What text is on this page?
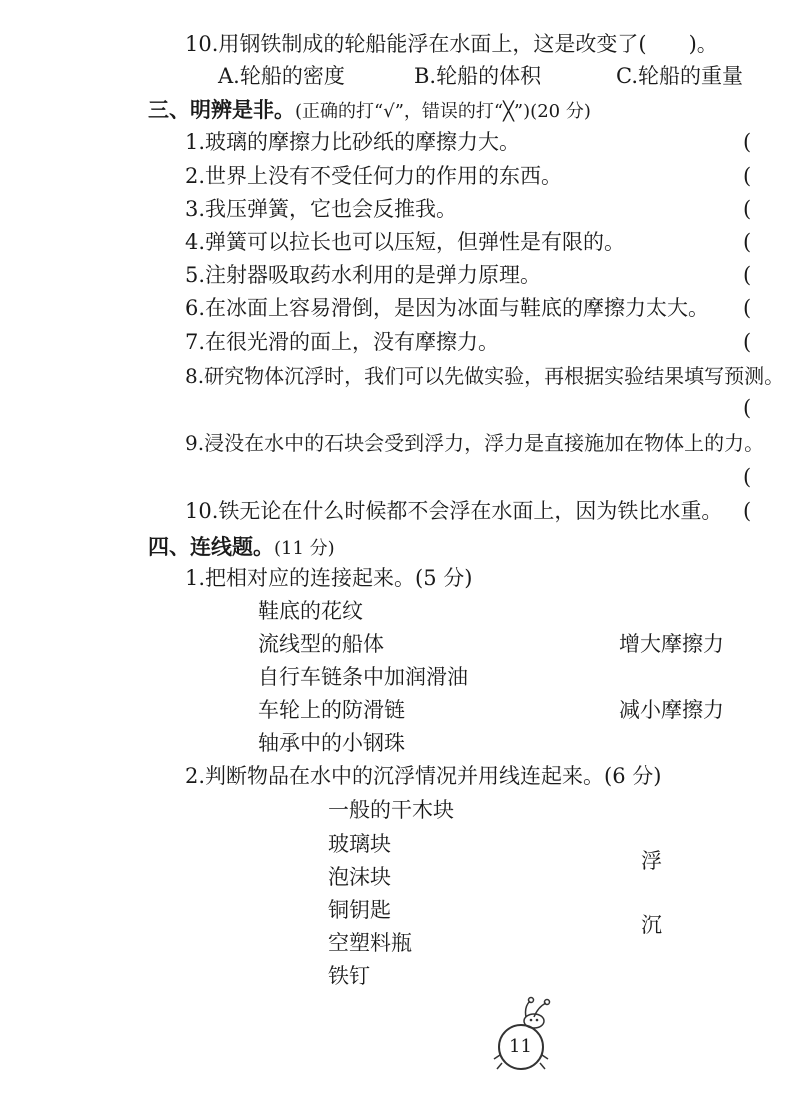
10.用钢铁制成的轮船能浮在水面上，这是改变了(　　)。
A.轮船的密度	B.轮船的体积	C.轮船的重量
三、明辨是非。(正确的打“√”，错误的打“╳”)(20 分)
1.玻璃的摩擦力比砂纸的摩擦力大。	(
2.世界上没有不受任何力的作用的东西。	(
3.我压弹簧，它也会反推我。	(
4.弹簧可以拉长也可以压短，但弹性是有限的。	(
5.注射器吸取药水利用的是弹力原理。	(
6.在冰面上容易滑倒，是因为冰面与鞋底的摩擦力太大。 (
7.在很光滑的面上，没有摩擦力。	(
8.研究物体沉浮时，我们可以先做实验，再根据实验结果填写预测。
(
9.浸没在水中的石块会受到浮力，浮力是直接施加在物体上的力。
(
10.铁无论在什么时候都不会浮在水面上，因为铁比水重。 (
四、连线题。(11 分)
1.把相对应的连接起来。(5 分)
鞋底的花纹
流线型的船体
自行车链条中加润滑油
车轮上的防滑链
轴承中的小钢珠
增大摩擦力
减小摩擦力
2.判断物品在水中的沉浮情况并用线连起来。(6 分)
一般的干木块
玻璃块
泡沫块
铜钥匙
空塑料瓶
铁钉
浮
沉
11
